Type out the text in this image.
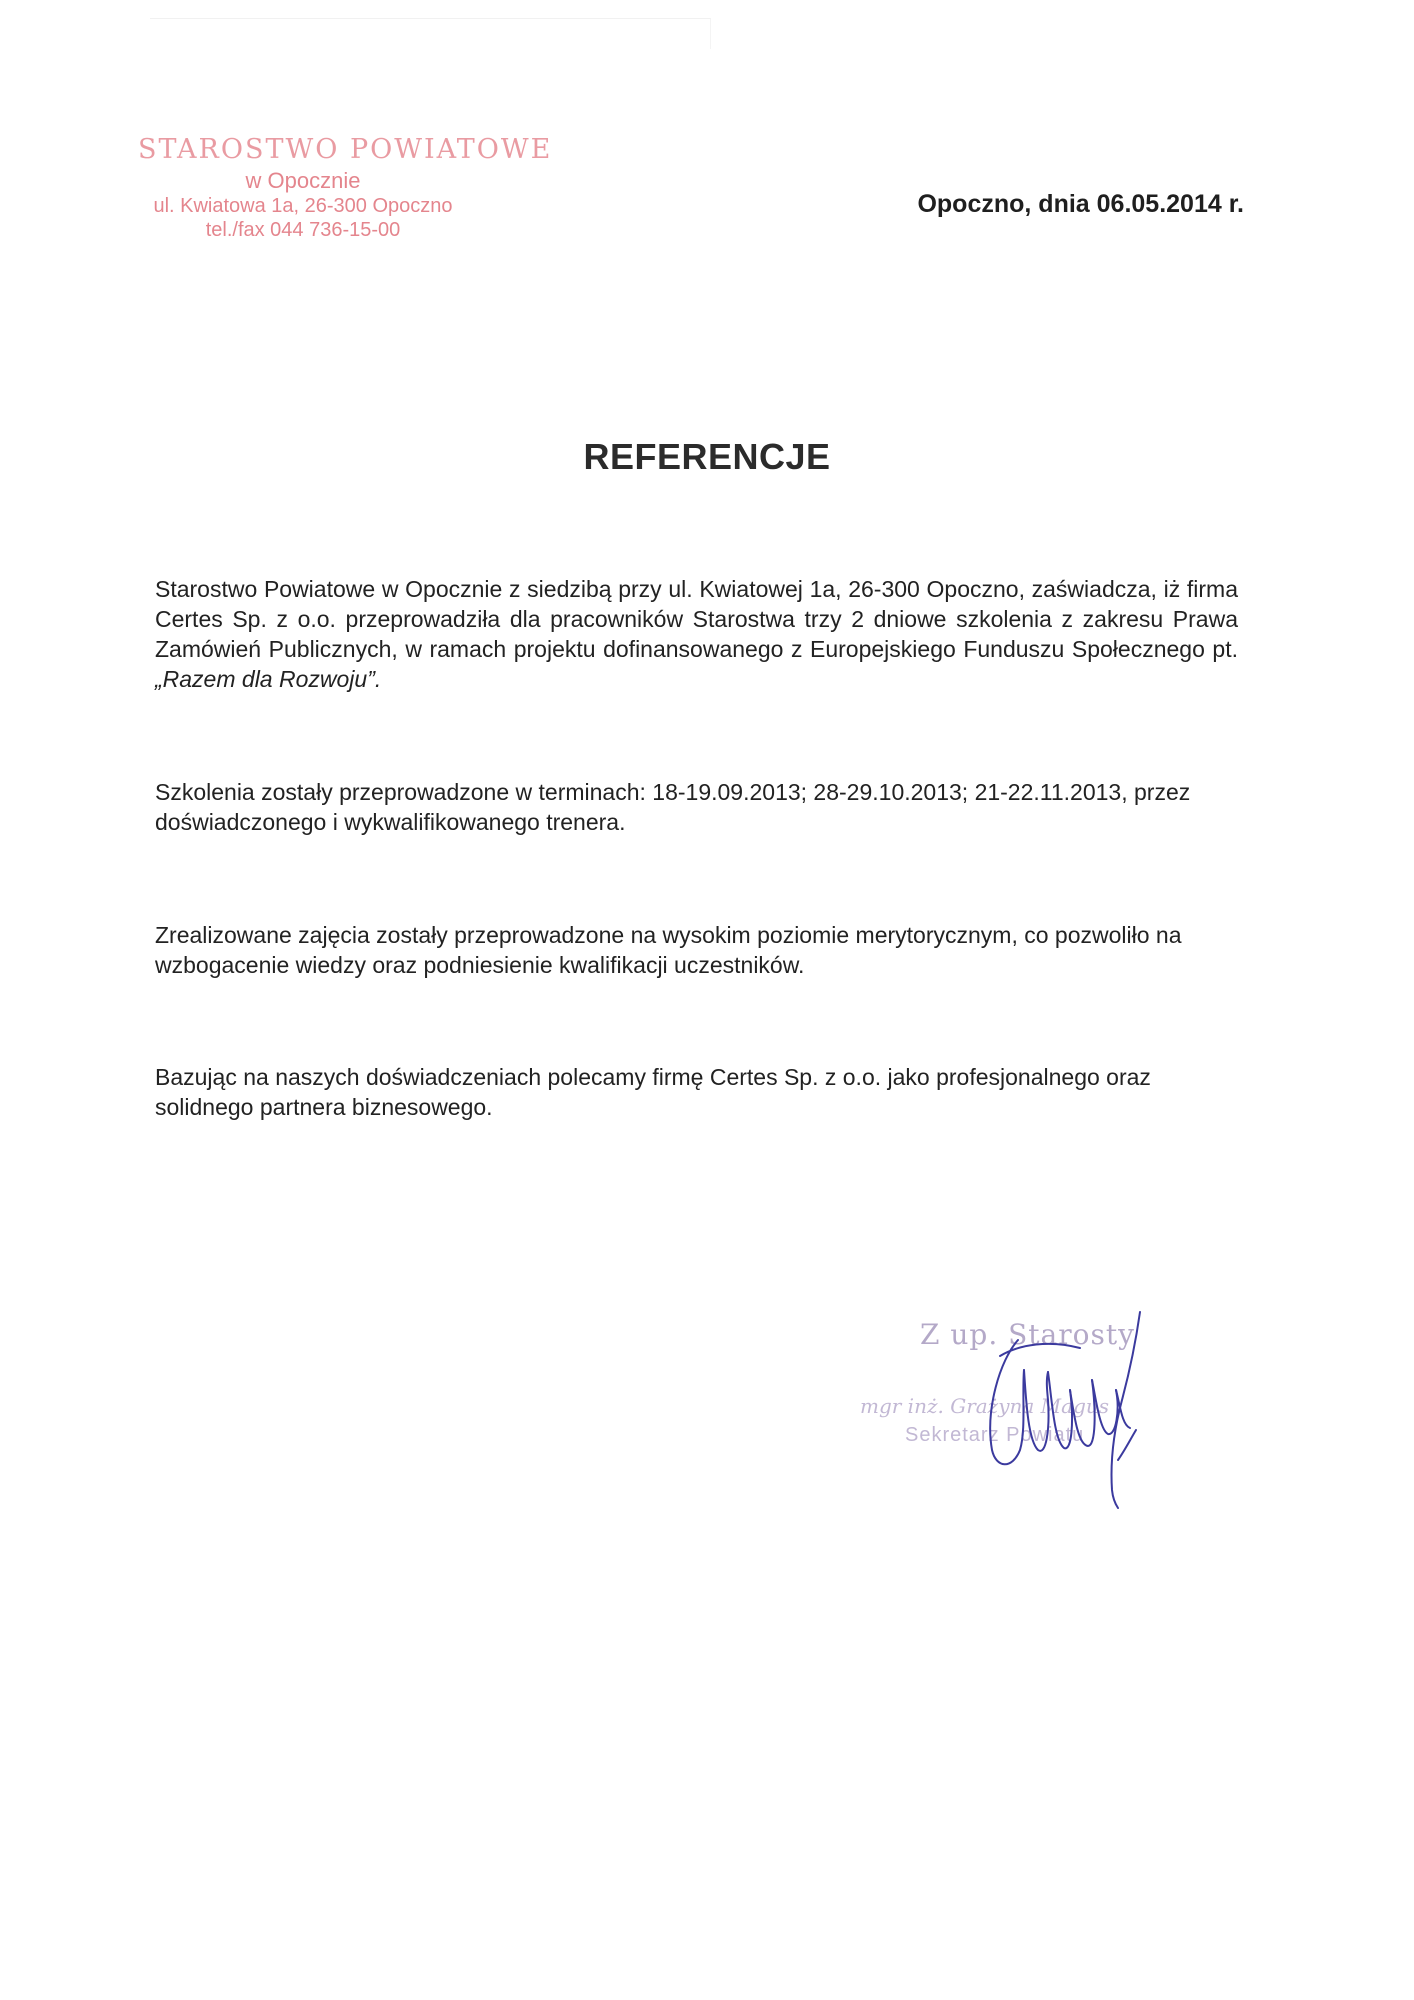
STAROSTWO POWIATOWE
w Opocznie
ul. Kwiatowa 1a, 26-300 Opoczno
tel./fax 044 736-15-00
Opoczno, dnia 06.05.2014 r.
REFERENCJE
Starostwo Powiatowe w Opocznie z siedzibą przy ul. Kwiatowej 1a, 26-300 Opoczno, zaświadcza, iż firma Certes Sp. z o.o. przeprowadziła dla pracowników Starostwa trzy 2 dniowe szkolenia z zakresu Prawa Zamówień Publicznych, w ramach projektu dofinansowanego z Europejskiego Funduszu Społecznego pt. „Razem dla Rozwoju”.
Szkolenia zostały przeprowadzone w terminach: 18-19.09.2013; 28-29.10.2013; 21-22.11.2013, przez doświadczonego i wykwalifikowanego trenera.
Zrealizowane zajęcia zostały przeprowadzone na wysokim poziomie merytorycznym, co pozwoliło na wzbogacenie wiedzy oraz podniesienie kwalifikacji uczestników.
Bazując na naszych doświadczeniach polecamy firmę Certes Sp. z o.o. jako profesjonalnego oraz solidnego partnera biznesowego.
Z up. Starosty
mgr inż. Grażyna Magus
Sekretarz Powiatu
